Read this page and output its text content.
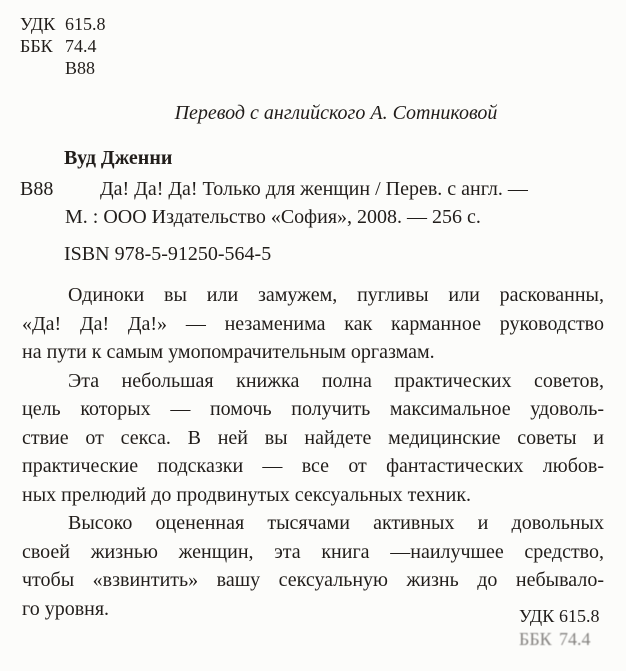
УДК 615.8
ББК 74.4
В88
Перевод с английского А. Сотниковой
Вуд Дженни
В88 Да! Да! Да! Только для женщин / Перев. с англ. —
М. : ООО Издательство «София», 2008. — 256 с.
ISBN 978-5-91250-564-5
Одиноки вы или замужем, пугливы или раскованны,
«Да! Да! Да!» — незаменима как карманное руководство
на пути к самым умопомрачительным оргазмам.
Эта небольшая книжка полна практических советов,
цель которых — помочь получить максимальное удоволь-
ствие от секса. В ней вы найдете медицинские советы и
практические подсказки — все от фантастических любов-
ных прелюдий до продвинутых сексуальных техник.
Высоко оцененная тысячами активных и довольных
своей жизнью женщин, эта книга —наилучшее средство,
чтобы «взвинтить» вашу сексуальную жизнь до небывало-
го уровня.	УДК 615.8
ББК 74.4
